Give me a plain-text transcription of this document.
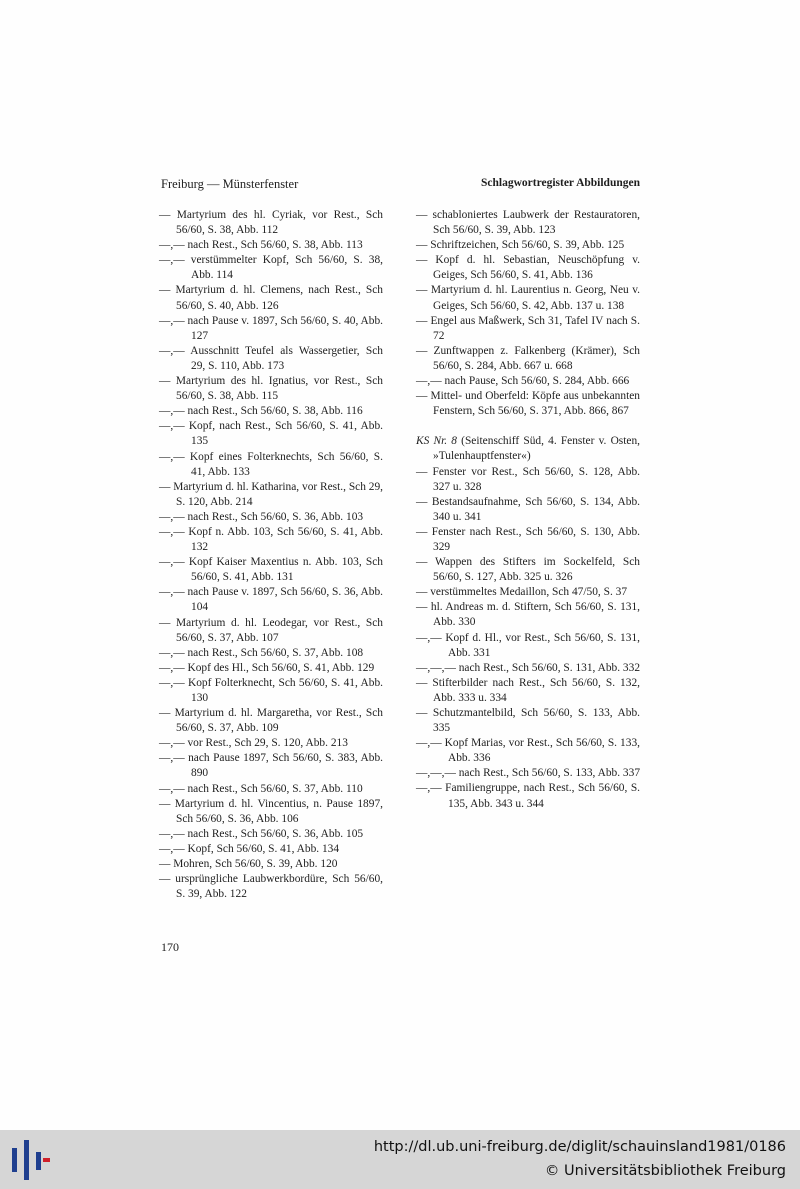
Freiburg — Münsterfenster	Schlagwortregister Abbildungen
— Martyrium des hl. Cyriak, vor Rest., Sch 56/60, S. 38, Abb. 112
—,— nach Rest., Sch 56/60, S. 38, Abb. 113
—,— verstümmelter Kopf, Sch 56/60, S. 38, Abb. 114
— Martyrium d. hl. Clemens, nach Rest., Sch 56/60, S. 40, Abb. 126
—,— nach Pause v. 1897, Sch 56/60, S. 40, Abb. 127
—,— Ausschnitt Teufel als Wassergetier, Sch 29, S. 110, Abb. 173
— Martyrium des hl. Ignatius, vor Rest., Sch 56/60, S. 38, Abb. 115
—,— nach Rest., Sch 56/60, S. 38, Abb. 116
—,— Kopf, nach Rest., Sch 56/60, S. 41, Abb. 135
—,— Kopf eines Folterknechts, Sch 56/60, S. 41, Abb. 133
— Martyrium d. hl. Katharina, vor Rest., Sch 29, S. 120, Abb. 214
—,— nach Rest., Sch 56/60, S. 36, Abb. 103
—,— Kopf n. Abb. 103, Sch 56/60, S. 41, Abb. 132
—,— Kopf Kaiser Maxentius n. Abb. 103, Sch 56/60, S. 41, Abb. 131
—,— nach Pause v. 1897, Sch 56/60, S. 36, Abb. 104
— Martyrium d. hl. Leodegar, vor Rest., Sch 56/60, S. 37, Abb. 107
—,— nach Rest., Sch 56/60, S. 37, Abb. 108
—,— Kopf des Hl., Sch 56/60, S. 41, Abb. 129
—,— Kopf Folterknecht, Sch 56/60, S. 41, Abb. 130
— Martyrium d. hl. Margaretha, vor Rest., Sch 56/60, S. 37, Abb. 109
—,— vor Rest., Sch 29, S. 120, Abb. 213
—,— nach Pause 1897, Sch 56/60, S. 383, Abb. 890
—,— nach Rest., Sch 56/60, S. 37, Abb. 110
— Martyrium d. hl. Vincentius, n. Pause 1897, Sch 56/60, S. 36, Abb. 106
—,— nach Rest., Sch 56/60, S. 36, Abb. 105
—,— Kopf, Sch 56/60, S. 41, Abb. 134
— Mohren, Sch 56/60, S. 39, Abb. 120
— ursprüngliche Laubwerkbordüre, Sch 56/60, S. 39, Abb. 122
— schabloniertes Laubwerk der Restauratoren, Sch 56/60, S. 39, Abb. 123
— Schriftzeichen, Sch 56/60, S. 39, Abb. 125
— Kopf d. hl. Sebastian, Neuschöpfung v. Geiges, Sch 56/60, S. 41, Abb. 136
— Martyrium d. hl. Laurentius n. Georg, Neu v. Geiges, Sch 56/60, S. 42, Abb. 137 u. 138
— Engel aus Maßwerk, Sch 31, Tafel IV nach S. 72
— Zunftwappen z. Falkenberg (Krämer), Sch 56/60, S. 284, Abb. 667 u. 668
—,— nach Pause, Sch 56/60, S. 284, Abb. 666
— Mittel- und Oberfeld: Köpfe aus unbekannten Fenstern, Sch 56/60, S. 371, Abb. 866, 867
KS Nr. 8 (Seitenschiff Süd, 4. Fenster v. Osten, »Tulenhauptfenster«)
— Fenster vor Rest., Sch 56/60, S. 128, Abb. 327 u. 328
— Bestandsaufnahme, Sch 56/60, S. 134, Abb. 340 u. 341
— Fenster nach Rest., Sch 56/60, S. 130, Abb. 329
— Wappen des Stifters im Sockelfeld, Sch 56/60, S. 127, Abb. 325 u. 326
— verstümmeltes Medaillon, Sch 47/50, S. 37
— hl. Andreas m. d. Stiftern, Sch 56/60, S. 131, Abb. 330
—,— Kopf d. Hl., vor Rest., Sch 56/60, S. 131, Abb. 331
—,—,— nach Rest., Sch 56/60, S. 131, Abb. 332
— Stifterbilder nach Rest., Sch 56/60, S. 132, Abb. 333 u. 334
— Schutzmantelbild, Sch 56/60, S. 133, Abb. 335
—,— Kopf Marias, vor Rest., Sch 56/60, S. 133, Abb. 336
—,—,— nach Rest., Sch 56/60, S. 133, Abb. 337
—,— Familiengruppe, nach Rest., Sch 56/60, S. 135, Abb. 343 u. 344
170
http://dl.ub.uni-freiburg.de/diglit/schauinsland1981/0186
© Universitätsbibliothek Freiburg
